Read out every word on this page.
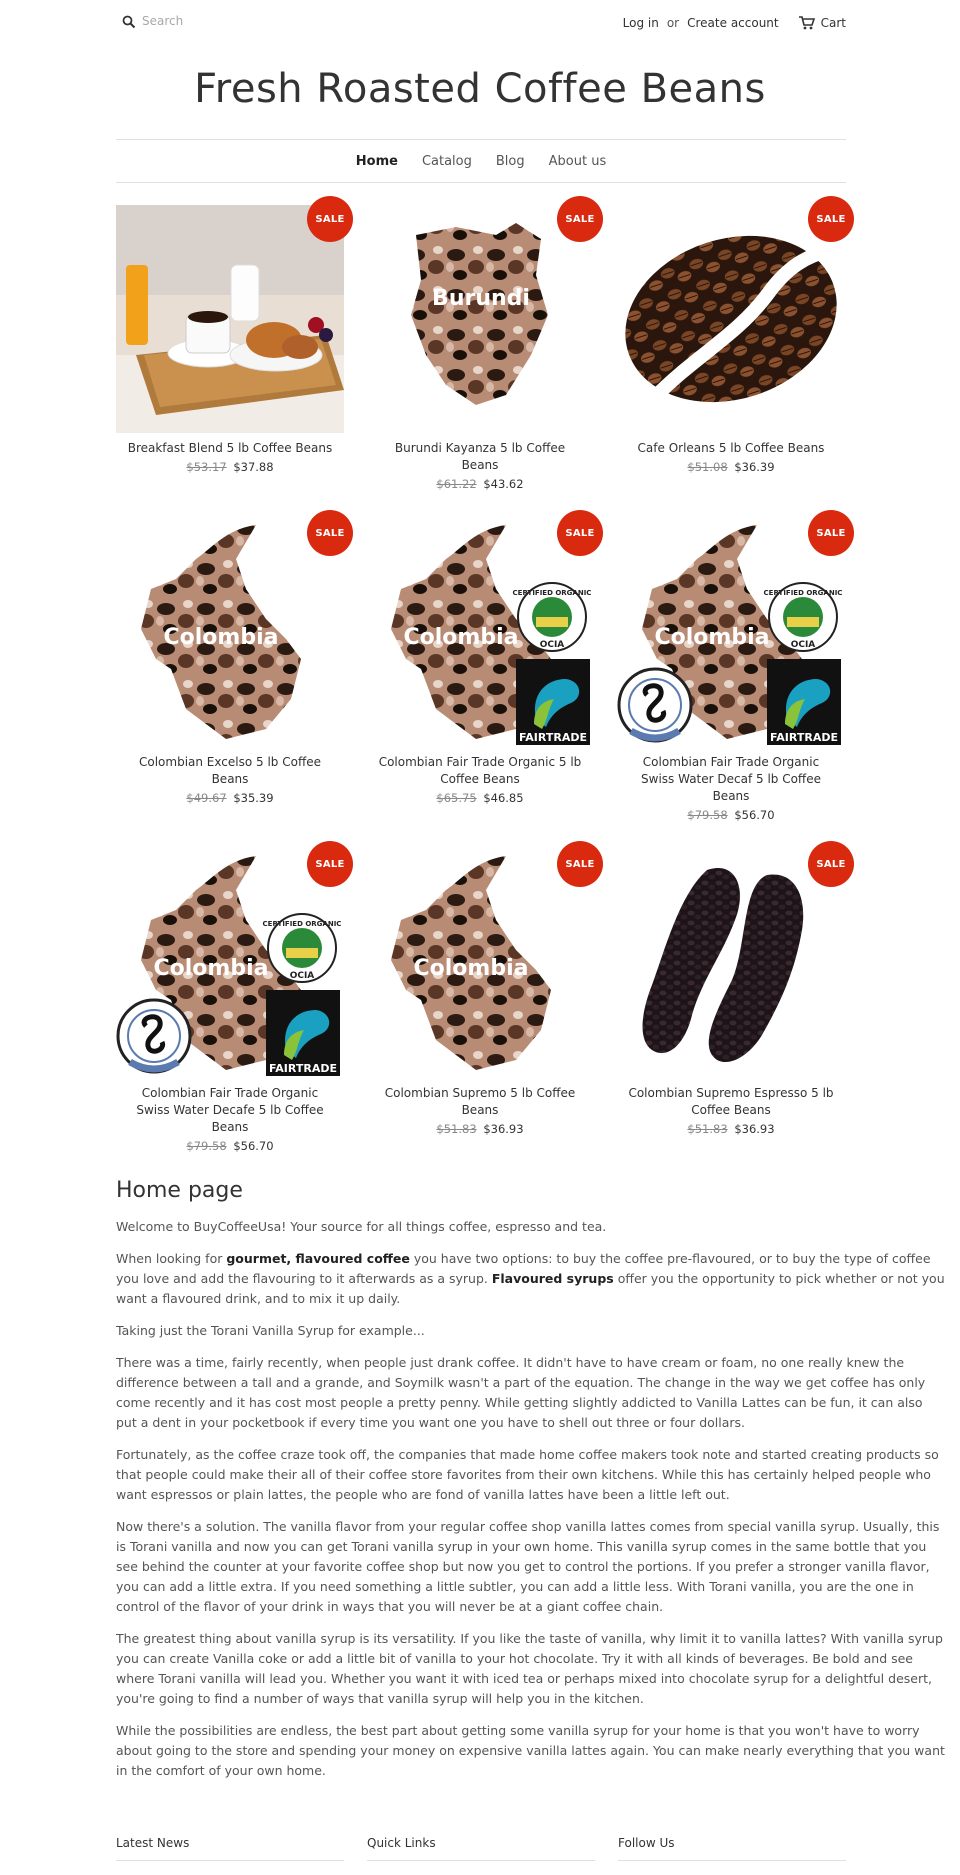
Search
Log in or Create account	Cart
Fresh Roasted Coffee Beans
Home Catalog Blog About us
SALE
Breakfast Blend 5 lb Coffee Beans
$53.17 $37.88
Burundi
SALE
Burundi Kayanza 5 lb Coffee Beans
$61.22 $43.62
SALE
Cafe Orleans 5 lb Coffee Beans
$51.08 $36.39
Colombia
SALE
Colombian Excelso 5 lb Coffee Beans
$49.67 $35.39
Colombia
CERTIFIED ORGANIC
OCIA
FAIRTRADE
SALE
Colombian Fair Trade Organic 5 lb Coffee Beans
$65.75 $46.85
Colombia
CERTIFIED ORGANIC
OCIA
FAIRTRADE
SALE
Colombian Fair Trade Organic Swiss Water Decaf 5 lb Coffee Beans
$79.58 $56.70
Colombia
CERTIFIED ORGANIC
OCIA
FAIRTRADE
SALE
Colombian Fair Trade Organic Swiss Water Decafe 5 lb Coffee Beans
$79.58 $56.70
Colombia
SALE
Colombian Supremo 5 lb Coffee Beans
$51.83 $36.93
SALE
Colombian Supremo Espresso 5 lb Coffee Beans
$51.83 $36.93
Home page

Welcome to BuyCoffeeUsa! Your source for all things coffee, espresso and tea.

When looking for gourmet, flavoured coffee you have two options: to buy the coffee pre-flavoured, or to buy the type of coffee you love and add the flavouring to it afterwards as a syrup. Flavoured syrups offer you the opportunity to pick whether or not you want a flavoured drink, and to mix it up daily.

Taking just the Torani Vanilla Syrup for example...

There was a time, fairly recently, when people just drank coffee. It didn't have to have cream or foam, no one really knew the difference between a tall and a grande, and Soymilk wasn't a part of the equation. The change in the way we get coffee has only come recently and it has cost most people a pretty penny. While getting slightly addicted to Vanilla Lattes can be fun, it can also put a dent in your pocketbook if every time you want one you have to shell out three or four dollars.

Fortunately, as the coffee craze took off, the companies that made home coffee makers took note and started creating products so that people could make their all of their coffee store favorites from their own kitchens. While this has certainly helped people who want espressos or plain lattes, the people who are fond of vanilla lattes have been a little left out.

Now there's a solution. The vanilla flavor from your regular coffee shop vanilla lattes comes from special vanilla syrup. Usually, this is Torani vanilla and now you can get Torani vanilla syrup in your own home. This vanilla syrup comes in the same bottle that you see behind the counter at your favorite coffee shop but now you get to control the portions. If you prefer a stronger vanilla flavor, you can add a little extra. If you need something a little subtler, you can add a little less. With Torani vanilla, you are the one in control of the flavor of your drink in ways that you will never be at a giant coffee chain.

The greatest thing about vanilla syrup is its versatility. If you like the taste of vanilla, why limit it to vanilla lattes? With vanilla syrup you can create Vanilla coke or add a little bit of vanilla to your hot chocolate. Try it with all kinds of beverages. Be bold and see where Torani vanilla will lead you. Whether you want it with iced tea or perhaps mixed into chocolate syrup for a delightful desert, you're going to find a number of ways that vanilla syrup will help you in the kitchen.

While the possibilities are endless, the best part about getting some vanilla syrup for your home is that you won't have to worry about going to the store and spending your money on expensive vanilla lattes again. You can make nearly everything that you want in the comfort of your own home.

Latest News	Quick Links	Follow Us
